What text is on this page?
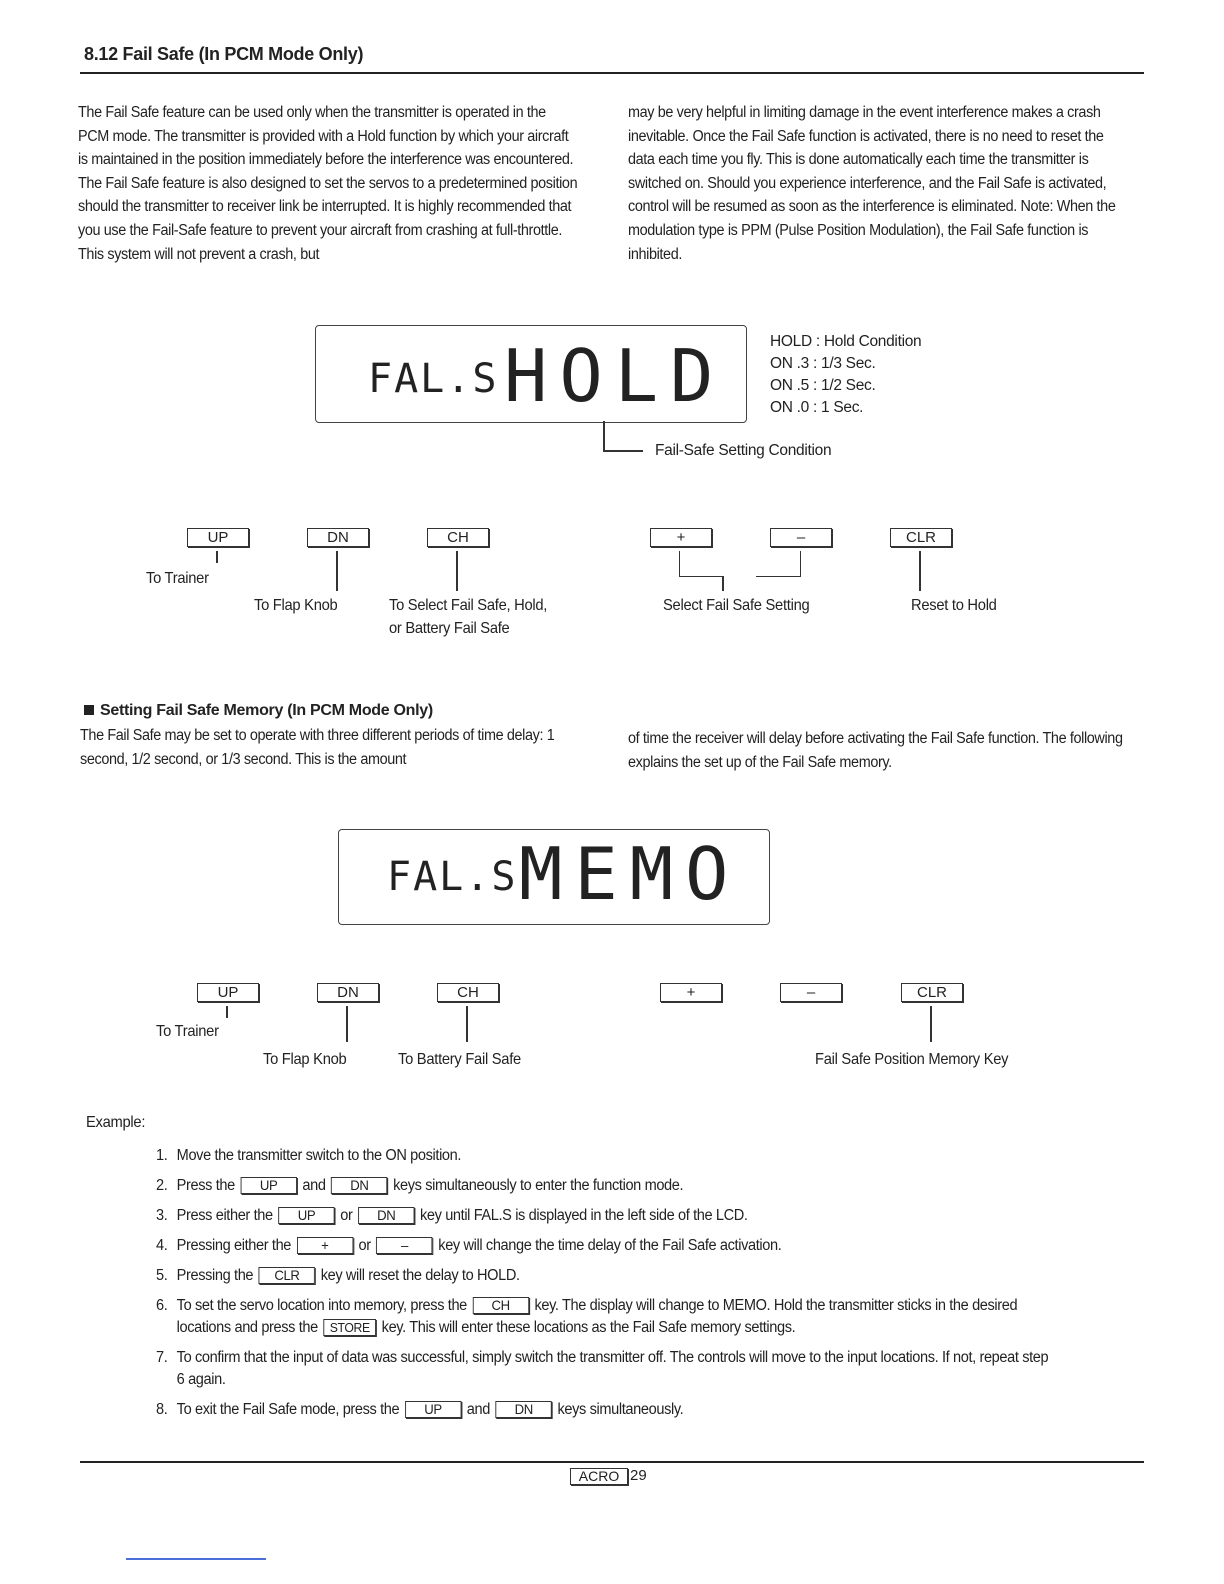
8.12 Fail Safe (In PCM Mode Only)
The Fail Safe feature can be used only when the transmitter is operated in the PCM mode. The transmitter is provided with a Hold function by which your aircraft is maintained in the position immediately before the interference was encountered. The Fail Safe feature is also designed to set the servos to a predetermined position should the transmitter to receiver link be interrupted. It is highly recommended that you use the Fail-Safe feature to prevent your aircraft from crashing at full-throttle. This system will not prevent a crash, but
may be very helpful in limiting damage in the event interference makes a crash inevitable. Once the Fail Safe function is activated, there is no need to reset the data each time you fly. This is done automatically each time the transmitter is switched on. Should you experience interference, and the Fail Safe is activated, control will be resumed as soon as the interference is eliminated. Note: When the modulation type is PPM (Pulse Position Modulation), the Fail Safe function is inhibited.
FAL.S HOLD
Fail-Safe Setting Condition
HOLD : Hold Condition
ON .3 : 1/3 Sec.
ON .5 : 1/2 Sec.
ON .0 : 1 Sec.
UP	DN	CH	+	–	CLR
To Trainer
To Flap Knob	To Select Fail Safe, Hold,
or Battery Fail Safe
Select Fail Safe Setting	Reset to Hold
Setting Fail Safe Memory (In PCM Mode Only)
The Fail Safe may be set to operate with three different periods of time delay: 1 second, 1/2 second, or 1/3 second. This is the amount
of time the receiver will delay before activating the Fail Safe function. The following explains the set up of the Fail Safe memory.
FAL.S MEMO
UP	DN	CH	+	–	CLR
To Trainer
To Flap Knob	To Battery Fail Safe	Fail Safe Position Memory Key
Example:
1. Move the transmitter switch to the ON position.
2. Press the UP and DN keys simultaneously to enter the function mode.
3. Press either the UP or DN key until FAL.S is displayed in the left side of the LCD.
4. Pressing either the + or – key will change the time delay of the Fail Safe activation.
5. Pressing the CLR key will reset the delay to HOLD.
6. To set the servo location into memory, press the CH key. The display will change to MEMO. Hold the transmitter sticks in the desired locations and press the STORE key. This will enter these locations as the Fail Safe memory settings.
7. To confirm that the input of data was successful, simply switch the transmitter off. The controls will move to the input locations. If not, repeat step 6 again.
8. To exit the Fail Safe mode, press the UP and DN keys simultaneously.
ACRO 29
